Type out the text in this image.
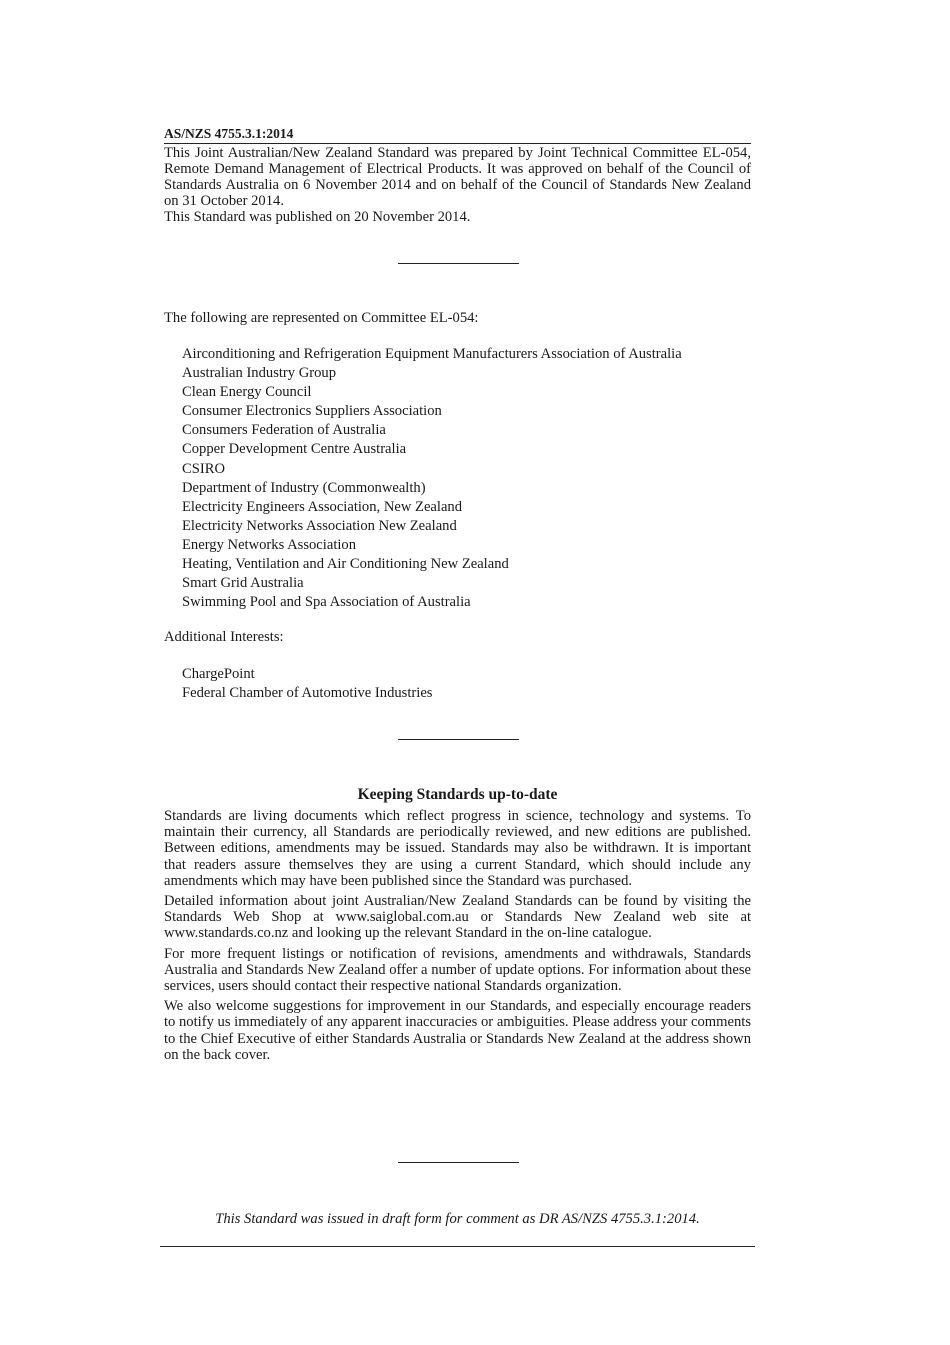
AS/NZS 4755.3.1:2014

This Joint Australian/New Zealand Standard was prepared by Joint Technical Committee EL-054, Remote Demand Management of Electrical Products. It was approved on behalf of the Council of Standards Australia on 6 November 2014 and on behalf of the Council of Standards New Zealand on 31 October 2014.

This Standard was published on 20 November 2014.

The following are represented on Committee EL-054:
Airconditioning and Refrigeration Equipment Manufacturers Association of Australia
Australian Industry Group
Clean Energy Council
Consumer Electronics Suppliers Association
Consumers Federation of Australia
Copper Development Centre Australia
CSIRO
Department of Industry (Commonwealth)
Electricity Engineers Association, New Zealand
Electricity Networks Association New Zealand
Energy Networks Association
Heating, Ventilation and Air Conditioning New Zealand
Smart Grid Australia
Swimming Pool and Spa Association of Australia
Additional Interests:
ChargePoint
Federal Chamber of Automotive Industries
Keeping Standards up-to-date

Standards are living documents which reflect progress in science, technology and systems. To maintain their currency, all Standards are periodically reviewed, and new editions are published. Between editions, amendments may be issued. Standards may also be withdrawn. It is important that readers assure themselves they are using a current Standard, which should include any amendments which may have been published since the Standard was purchased.

Detailed information about joint Australian/New Zealand Standards can be found by visiting the Standards Web Shop at www.saiglobal.com.au or Standards New Zealand web site at www.standards.co.nz and looking up the relevant Standard in the on-line catalogue.

For more frequent listings or notification of revisions, amendments and withdrawals, Standards Australia and Standards New Zealand offer a number of update options. For information about these services, users should contact their respective national Standards organization.

We also welcome suggestions for improvement in our Standards, and especially encourage readers to notify us immediately of any apparent inaccuracies or ambiguities. Please address your comments to the Chief Executive of either Standards Australia or Standards New Zealand at the address shown on the back cover.

This Standard was issued in draft form for comment as DR AS/NZS 4755.3.1:2014.
